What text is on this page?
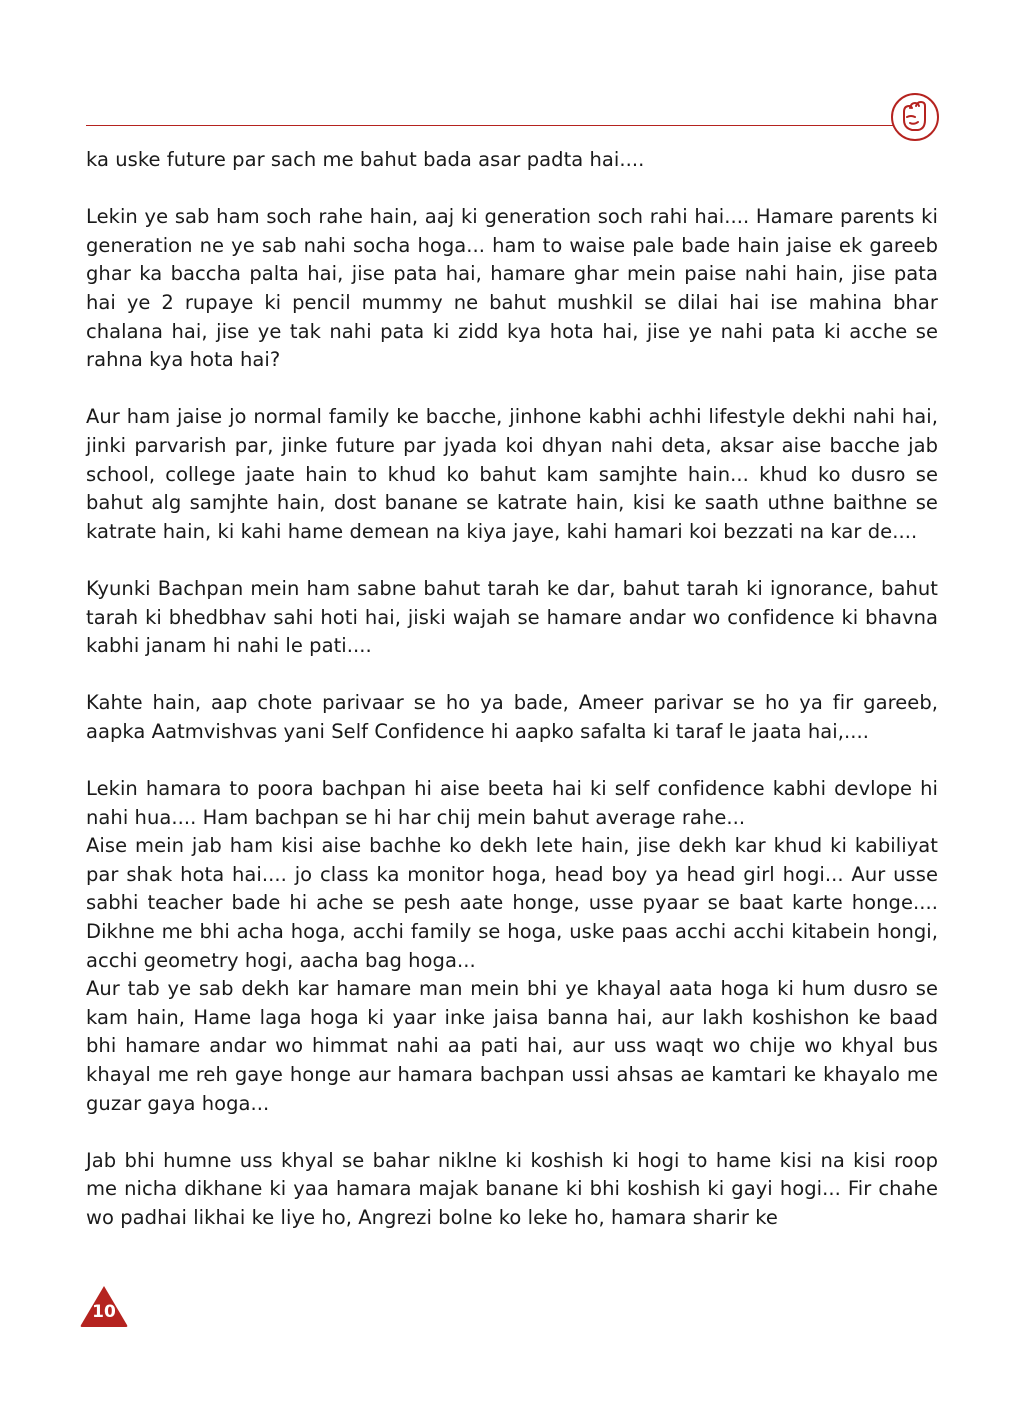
ka uske future par sach me bahut bada asar padta hai....

Lekin ye sab ham soch rahe hain, aaj ki generation soch rahi hai.... Hamare parents ki generation ne ye sab nahi socha hoga... ham to waise pale bade hain jaise ek gareeb ghar ka baccha palta hai, jise pata hai, hamare ghar mein paise nahi hain, jise pata hai ye 2 rupaye ki pencil mummy ne bahut mushkil se dilai hai ise mahina bhar chalana hai, jise ye tak nahi pata ki zidd kya hota hai, jise ye nahi pata ki acche se rahna kya hota hai?

Aur ham jaise jo normal family ke bacche, jinhone kabhi achhi lifestyle dekhi nahi hai, jinki parvarish par, jinke future par jyada koi dhyan nahi deta, aksar aise bacche jab school, college jaate hain to khud ko bahut kam samjhte hain... khud ko dusro se bahut alg samjhte hain, dost banane se katrate hain, kisi ke saath uthne baithne se katrate hain, ki kahi hame demean na kiya jaye, kahi hamari koi bezzati na kar de....

Kyunki Bachpan mein ham sabne bahut tarah ke dar, bahut tarah ki ignorance, bahut tarah ki bhedbhav sahi hoti hai, jiski wajah se hamare andar wo confidence ki bhavna kabhi janam hi nahi le pati....

Kahte hain, aap chote parivaar se ho ya bade, Ameer parivar se ho ya fir gareeb, aapka Aatmvishvas yani Self Confidence hi aapko safalta ki taraf le jaata hai,....

Lekin hamara to poora bachpan hi aise beeta hai ki self confidence kabhi devlope hi nahi hua.... Ham bachpan se hi har chij mein bahut average rahe...

Aise mein jab ham kisi aise bachhe ko dekh lete hain, jise dekh kar khud ki kabiliyat par shak hota hai.... jo class ka monitor hoga, head boy ya head girl hogi... Aur usse sabhi teacher bade hi ache se pesh aate honge, usse pyaar se baat karte honge.... Dikhne me bhi acha hoga, acchi family se hoga, uske paas acchi acchi kitabein hongi, acchi geometry hogi, aacha bag hoga...

Aur tab ye sab dekh kar hamare man mein bhi ye khayal aata hoga ki hum dusro se kam hain, Hame laga hoga ki yaar inke jaisa banna hai, aur lakh koshishon ke baad bhi hamare andar wo himmat nahi aa pati hai, aur uss waqt wo chije wo khyal bus khayal me reh gaye honge aur hamara bachpan ussi ahsas ae kamtari ke khayalo me guzar gaya hoga...

Jab bhi humne uss khyal se bahar niklne ki koshish ki hogi to hame kisi na kisi roop me nicha dikhane ki yaa hamara majak banane ki bhi koshish ki gayi hogi... Fir chahe wo padhai likhai ke liye ho, Angrezi bolne ko leke ho, hamara sharir ke

10
